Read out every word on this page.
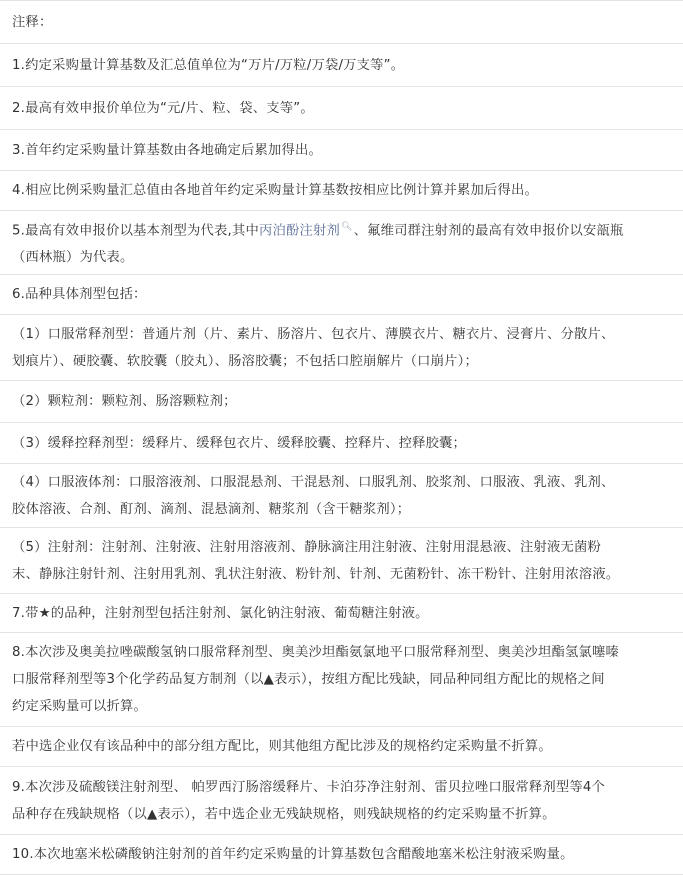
注释：
1.约定采购量计算基数及汇总值单位为“万片/万粒/万袋/万支等”。
2.最高有效申报价单位为“元/片、粒、袋、支等”。
3.首年约定采购量计算基数由各地确定后累加得出。
4.相应比例采购量汇总值由各地首年约定采购量计算基数按相应比例计算并累加后得出。
5.最高有效申报价以基本剂型为代表,其中丙泊酚注射剂🔍︎、氟维司群注射剂的最高有效申报价以安瓿瓶
（西林瓶）为代表。
6.品种具体剂型包括：
（1）口服常释剂型：普通片剂（片、素片、肠溶片、包衣片、薄膜衣片、糖衣片、浸膏片、分散片、
划痕片）、硬胶囊、软胶囊（胶丸）、肠溶胶囊；不包括口腔崩解片（口崩片）；
（2）颗粒剂：颗粒剂、肠溶颗粒剂；
（3）缓释控释剂型：缓释片、缓释包衣片、缓释胶囊、控释片、控释胶囊；
（4）口服液体剂：口服溶液剂、口服混悬剂、干混悬剂、口服乳剂、胶浆剂、口服液、乳液、乳剂、
胶体溶液、合剂、酊剂、滴剂、混悬滴剂、糖浆剂（含干糖浆剂）；
（5）注射剂：注射剂、注射液、注射用溶液剂、静脉滴注用注射液、注射用混悬液、注射液无菌粉
末、静脉注射针剂、注射用乳剂、乳状注射液、粉针剂、针剂、无菌粉针、冻干粉针、注射用浓溶液。
7.带★的品种，注射剂型包括注射剂、氯化钠注射液、葡萄糖注射液。
8.本次涉及奥美拉唑碳酸氢钠口服常释剂型、奥美沙坦酯氨氯地平口服常释剂型、奥美沙坦酯氢氯噻嗪
口服常释剂型等3个化学药品复方制剂（以▲表示），按组方配比残缺，同品种同组方配比的规格之间
约定采购量可以折算。
若中选企业仅有该品种中的部分组方配比，则其他组方配比涉及的规格约定采购量不折算。
9.本次涉及硫酸镁注射剂型、 帕罗西汀肠溶缓释片、卡泊芬净注射剂、雷贝拉唑口服常释剂型等4个
品种存在残缺规格（以▲表示），若中选企业无残缺规格，则残缺规格的约定采购量不折算。
10.本次地塞米松磷酸钠注射剂的首年约定采购量的计算基数包含醋酸地塞米松注射液采购量。
